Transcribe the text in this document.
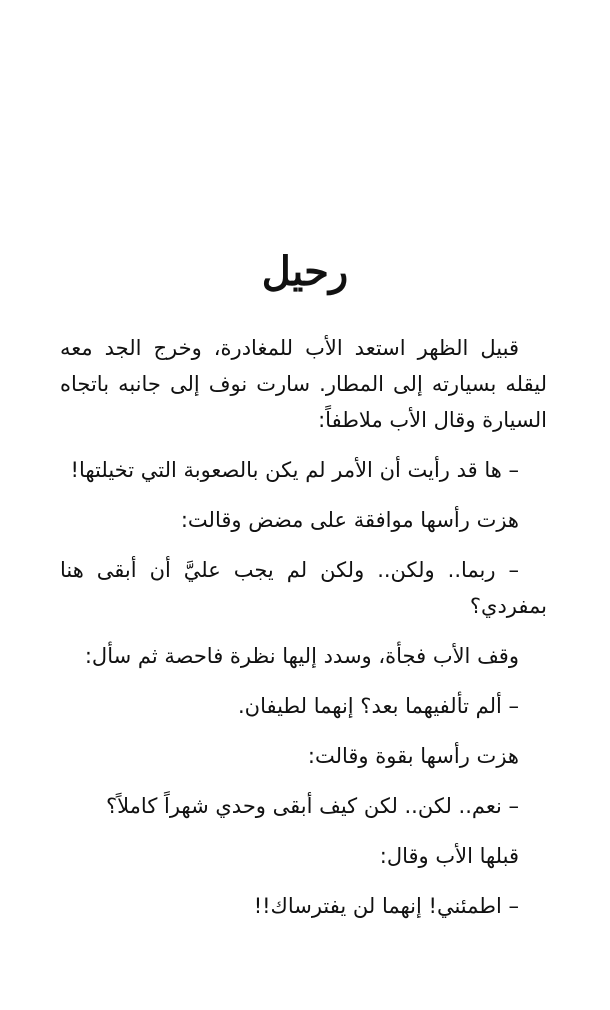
رحيل

قبيل الظهر استعد الأب للمغادرة، وخرج الجد معه ليقله بسيارته إلى المطار. سارت نوف إلى جانبه باتجاه السيارة وقال الأب ملاطفاً:

– ها قد رأيت أن الأمر لم يكن بالصعوبة التي تخيلتها!

هزت رأسها موافقة على مضض وقالت:

– ربما.. ولكن.. ولكن لم يجب عليَّ أن أبقى هنا بمفردي؟

وقف الأب فجأة، وسدد إليها نظرة فاحصة ثم سأل:

– ألم تألفيهما بعد؟ إنهما لطيفان.

هزت رأسها بقوة وقالت:

– نعم.. لكن.. لكن كيف أبقى وحدي شهراً كاملاً؟

قبلها الأب وقال:

– اطمئني! إنهما لن يفترساك!!
